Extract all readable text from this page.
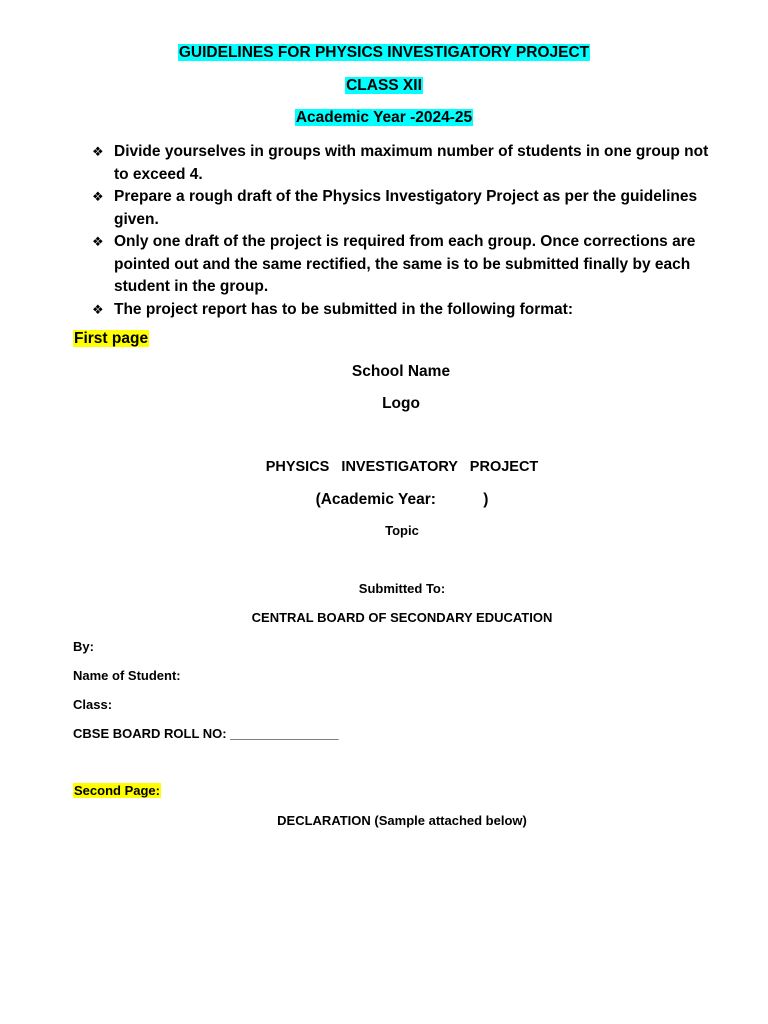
GUIDELINES FOR PHYSICS INVESTIGATORY PROJECT
CLASS XII
Academic Year -2024-25
❖ Divide yourselves in groups with maximum number of students in one group not
to exceed 4.
❖ Prepare a rough draft of the Physics Investigatory Project as per the guidelines
given.
❖ Only one draft of the project is required from each group. Once corrections are
pointed out and the same rectified, the same is to be submitted finally by each
student in the group.
❖ The project report has to be submitted in the following format:
First page
School Name
Logo
PHYSICS   INVESTIGATORY   PROJECT
(Academic Year:           )
Topic
Submitted To:
CENTRAL BOARD OF SECONDARY EDUCATION
By:
Name of Student:
Class:
CBSE BOARD ROLL NO: _______________
Second Page:
DECLARATION (Sample attached below)
